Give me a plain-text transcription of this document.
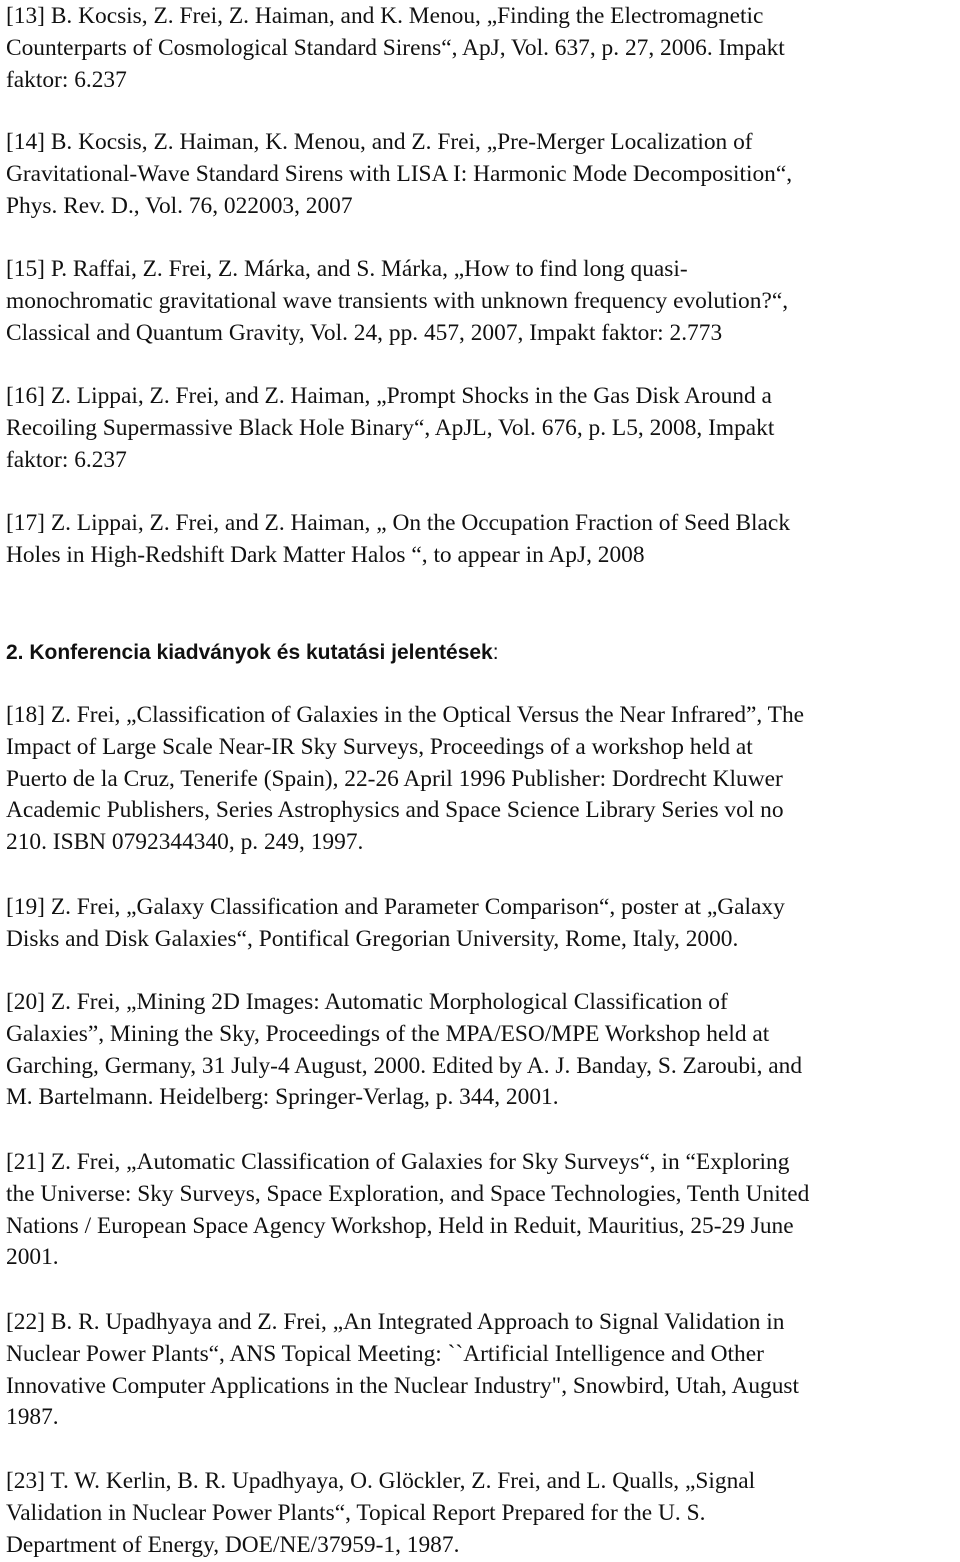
[13] B. Kocsis, Z. Frei, Z. Haiman, and K. Menou, „Finding the Electromagnetic
Counterparts of Cosmological Standard Sirens“, ApJ, Vol. 637, p. 27, 2006. Impakt
faktor: 6.237
[14] B. Kocsis, Z. Haiman, K. Menou, and Z. Frei, „Pre-Merger Localization of
Gravitational-Wave Standard Sirens with LISA I: Harmonic Mode Decomposition“,
Phys. Rev. D., Vol. 76, 022003, 2007
[15] P. Raffai, Z. Frei, Z. Márka, and S. Márka, „How to find long quasi-
monochromatic gravitational wave transients with unknown frequency evolution?“,
Classical and Quantum Gravity, Vol. 24, pp. 457, 2007, Impakt faktor: 2.773
[16] Z. Lippai, Z. Frei, and Z. Haiman, „Prompt Shocks in the Gas Disk Around a
Recoiling Supermassive Black Hole Binary“, ApJL, Vol. 676, p. L5, 2008, Impakt
faktor: 6.237
[17] Z. Lippai, Z. Frei, and Z. Haiman, „ On the Occupation Fraction of Seed Black
Holes in High-Redshift Dark Matter Halos “, to appear in ApJ, 2008
2. Konferencia kiadványok és kutatási jelentések:
[18] Z. Frei, „Classification of Galaxies in the Optical Versus the Near Infrared”, The
Impact of Large Scale Near-IR Sky Surveys, Proceedings of a workshop held at
Puerto de la Cruz, Tenerife (Spain), 22-26 April 1996 Publisher: Dordrecht Kluwer
Academic Publishers, Series Astrophysics and Space Science Library Series vol no
210. ISBN 0792344340, p. 249, 1997.
[19] Z. Frei, „Galaxy Classification and Parameter Comparison“, poster at „Galaxy
Disks and Disk Galaxies“, Pontifical Gregorian University, Rome, Italy, 2000.
[20] Z. Frei, „Mining 2D Images: Automatic Morphological Classification of
Galaxies”, Mining the Sky, Proceedings of the MPA/ESO/MPE Workshop held at
Garching, Germany, 31 July-4 August, 2000. Edited by A. J. Banday, S. Zaroubi, and
M. Bartelmann. Heidelberg: Springer-Verlag, p. 344, 2001.
[21] Z. Frei, „Automatic Classification of Galaxies for Sky Surveys“, in “Exploring
the Universe: Sky Surveys, Space Exploration, and Space Technologies, Tenth United
Nations / European Space Agency Workshop, Held in Reduit, Mauritius, 25-29 June
2001.
[22] B. R. Upadhyaya and Z. Frei, „An Integrated Approach to Signal Validation in
Nuclear Power Plants“, ANS Topical Meeting: ``Artificial Intelligence and Other
Innovative Computer Applications in the Nuclear Industry", Snowbird, Utah, August
1987.
[23] T. W. Kerlin, B. R. Upadhyaya, O. Glöckler, Z. Frei, and L. Qualls, „Signal
Validation in Nuclear Power Plants“, Topical Report Prepared for the U. S.
Department of Energy, DOE/NE/37959-1, 1987.
